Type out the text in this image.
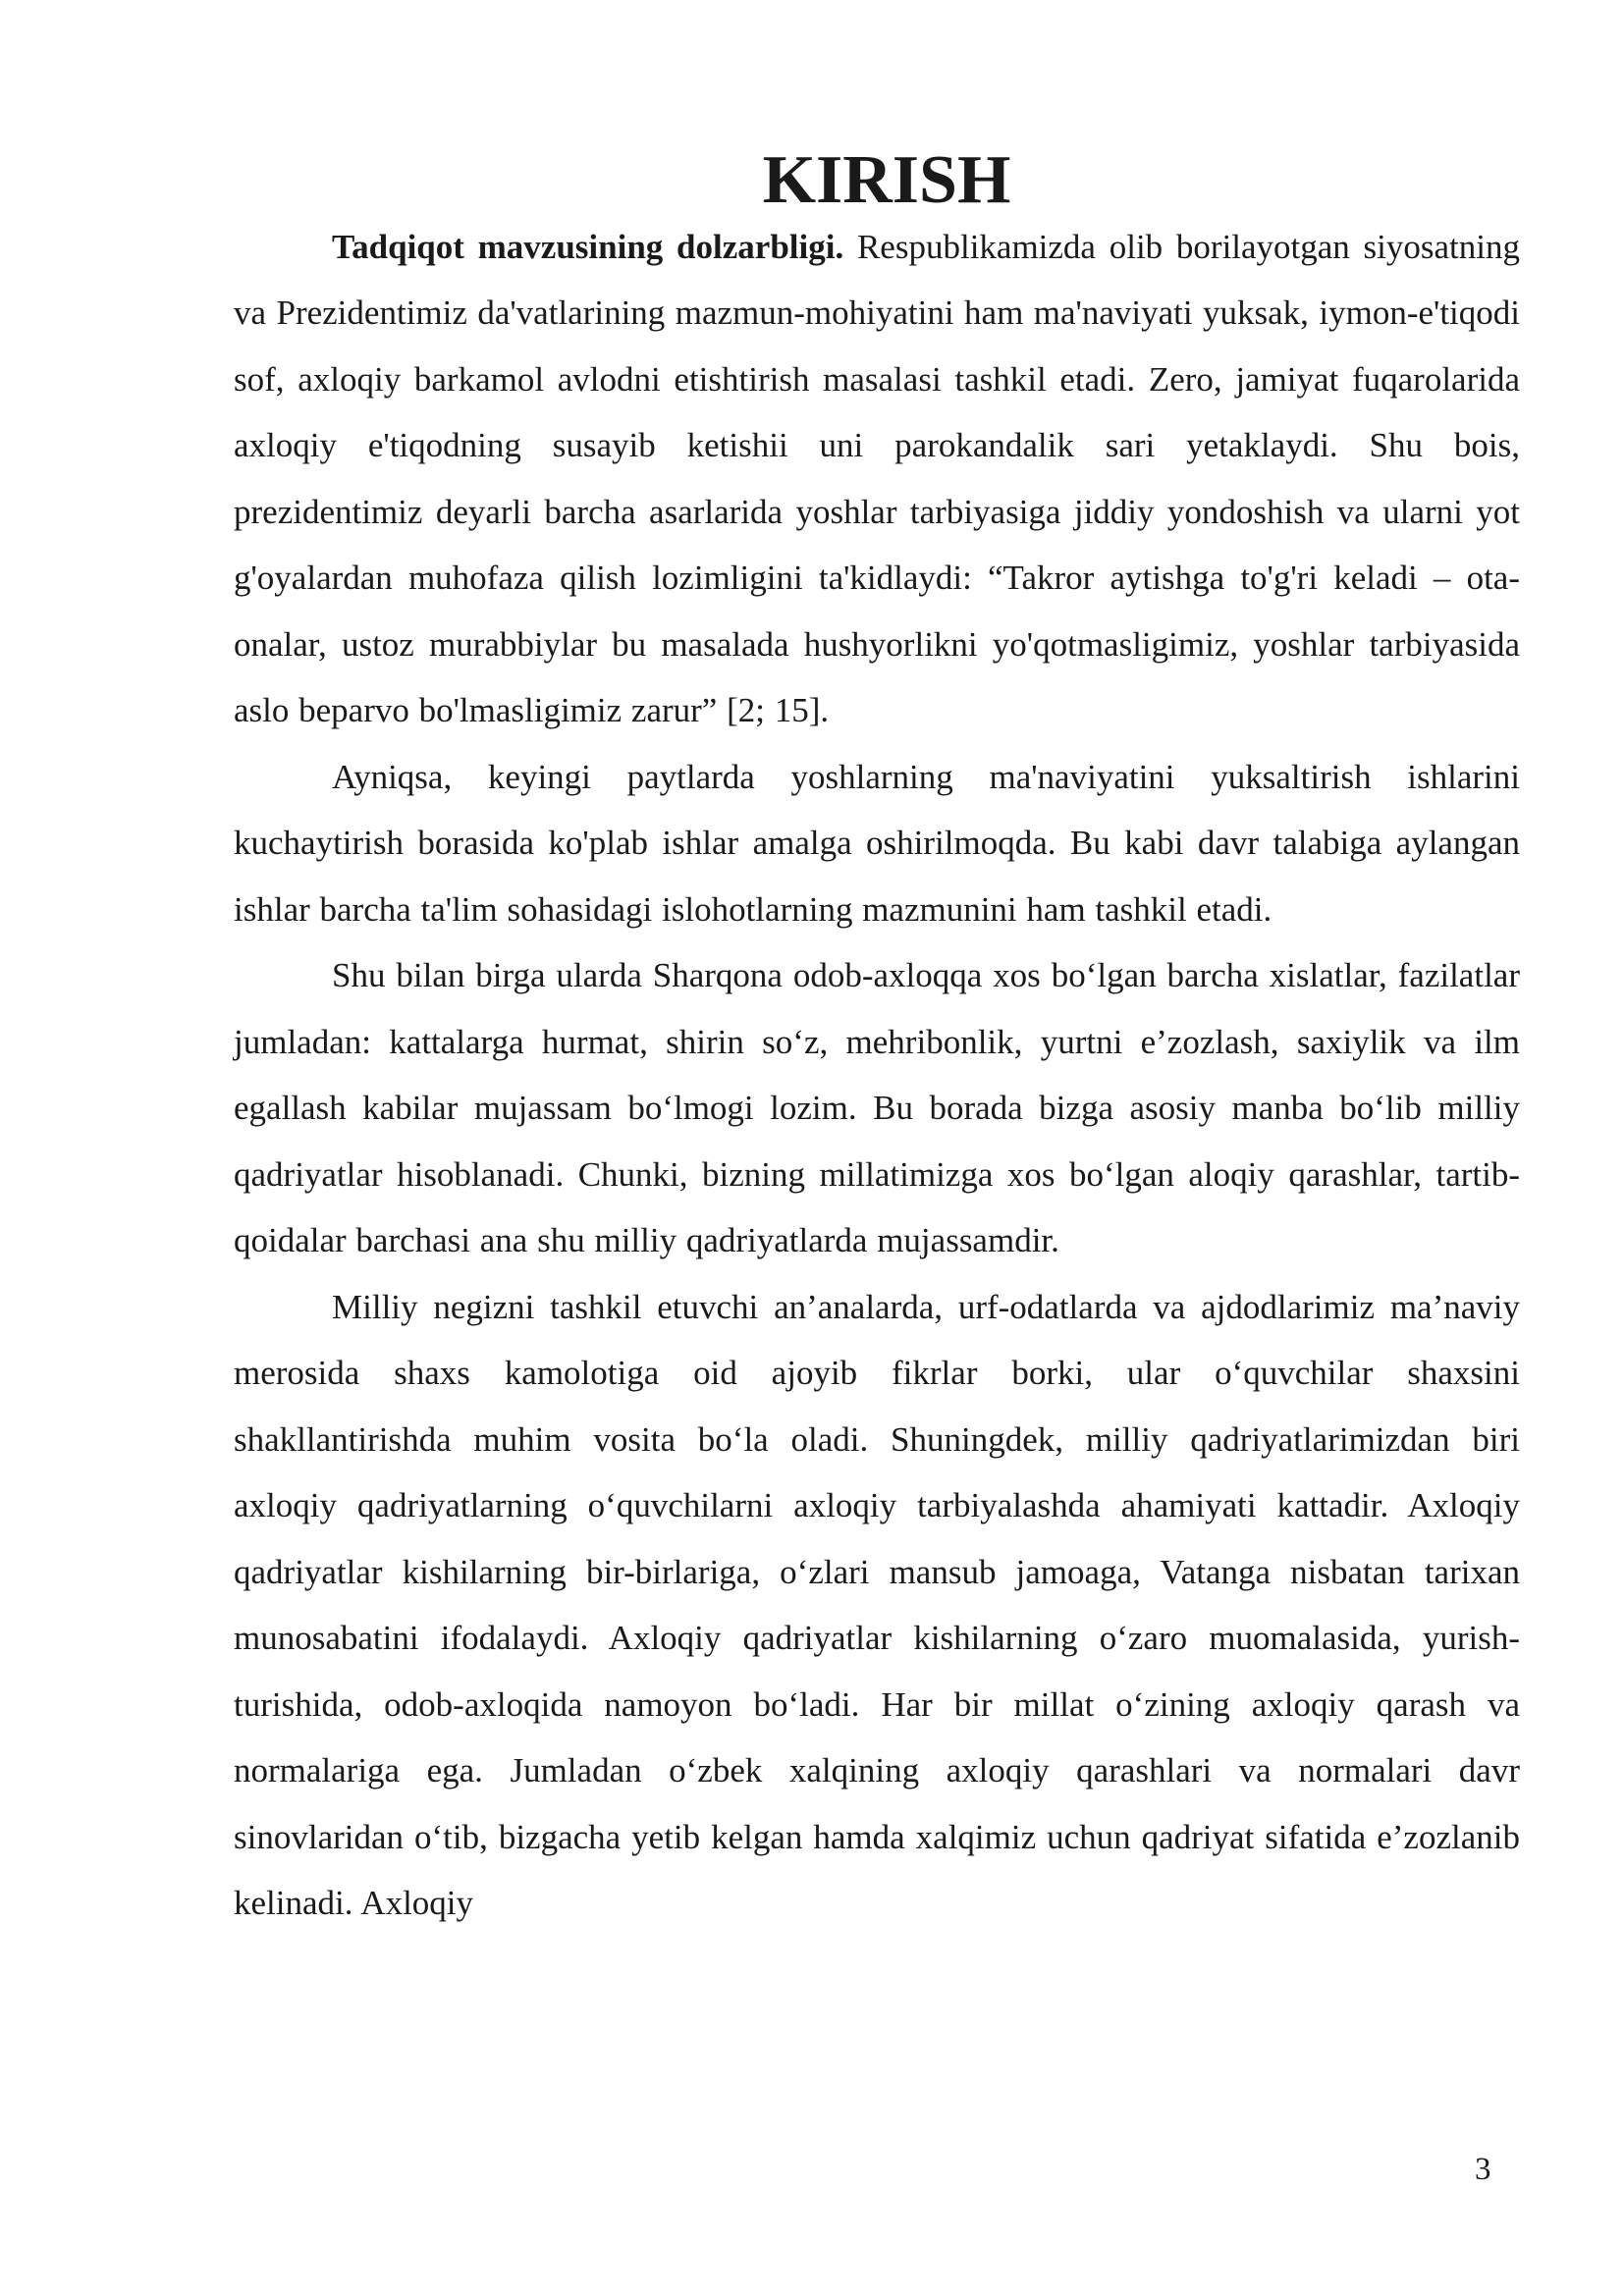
KIRISH

Tadqiqot mavzusining dolzarbligi. Respublikamizda olib borilayotgan siyosatning va Prezidentimiz da'vatlarining mazmun-mohiyatini ham ma'naviyati yuksak, iymon-e'tiqodi sof, axloqiy barkamol avlodni etishtirish masalasi tashkil etadi. Zero, jamiyat fuqarolarida axloqiy e'tiqodning susayib ketishii uni parokandalik sari yetaklaydi. Shu bois, prezidentimiz deyarli barcha asarlarida yoshlar tarbiyasiga jiddiy yondoshish va ularni yot g'oyalardan muhofaza qilish lozimligini ta'kidlaydi: “Takror aytishga to'g'ri keladi – ota-onalar, ustoz murabbiylar bu masalada hushyorlikni yo'qotmasligimiz, yoshlar tarbiyasida aslo beparvo bo'lmasligimiz zarur” [2; 15].

Ayniqsa, keyingi paytlarda yoshlarning ma'naviyatini yuksaltirish ishlarini kuchaytirish borasida ko'plab ishlar amalga oshirilmoqda. Bu kabi davr talabiga aylangan ishlar barcha ta'lim sohasidagi islohotlarning mazmunini ham tashkil etadi.

Shu bilan birga ularda Sharqona odob-axloqqa xos bo‘lgan barcha xislatlar, fazilatlar jumladan: kattalarga hurmat, shirin so‘z, mehribonlik, yurtni e’zozlash, saxiylik va ilm egallash kabilar mujassam bo‘lmogi lozim. Bu borada bizga asosiy manba bo‘lib milliy qadriyatlar hisoblanadi. Chunki, bizning millatimizga xos bo‘lgan aloqiy qarashlar, tartib-qoidalar barchasi ana shu milliy qadriyatlarda mujassamdir.

Milliy negizni tashkil etuvchi an’analarda, urf-odatlarda va ajdodlarimiz ma’naviy merosida shaxs kamolotiga oid ajoyib fikrlar borki, ular o‘quvchilar shaxsini shakllantirishda muhim vosita bo‘la oladi. Shuningdek, milliy qadriyatlarimizdan biri axloqiy qadriyatlarning o‘quvchilarni axloqiy tarbiyalashda ahamiyati kattadir. Axloqiy qadriyatlar kishilarning bir-birlariga, o‘zlari mansub jamoaga, Vatanga nisbatan tarixan munosabatini ifodalaydi. Axloqiy qadriyatlar kishilarning o‘zaro muomalasida, yurish-turishida, odob-axloqida namoyon bo‘ladi. Har bir millat o‘zining axloqiy qarash va normalariga ega. Jumladan o‘zbek xalqining axloqiy qarashlari va normalari davr sinovlaridan o‘tib, bizgacha yetib kelgan hamda xalqimiz uchun qadriyat sifatida e’zozlanib kelinadi. Axloqiy

3
